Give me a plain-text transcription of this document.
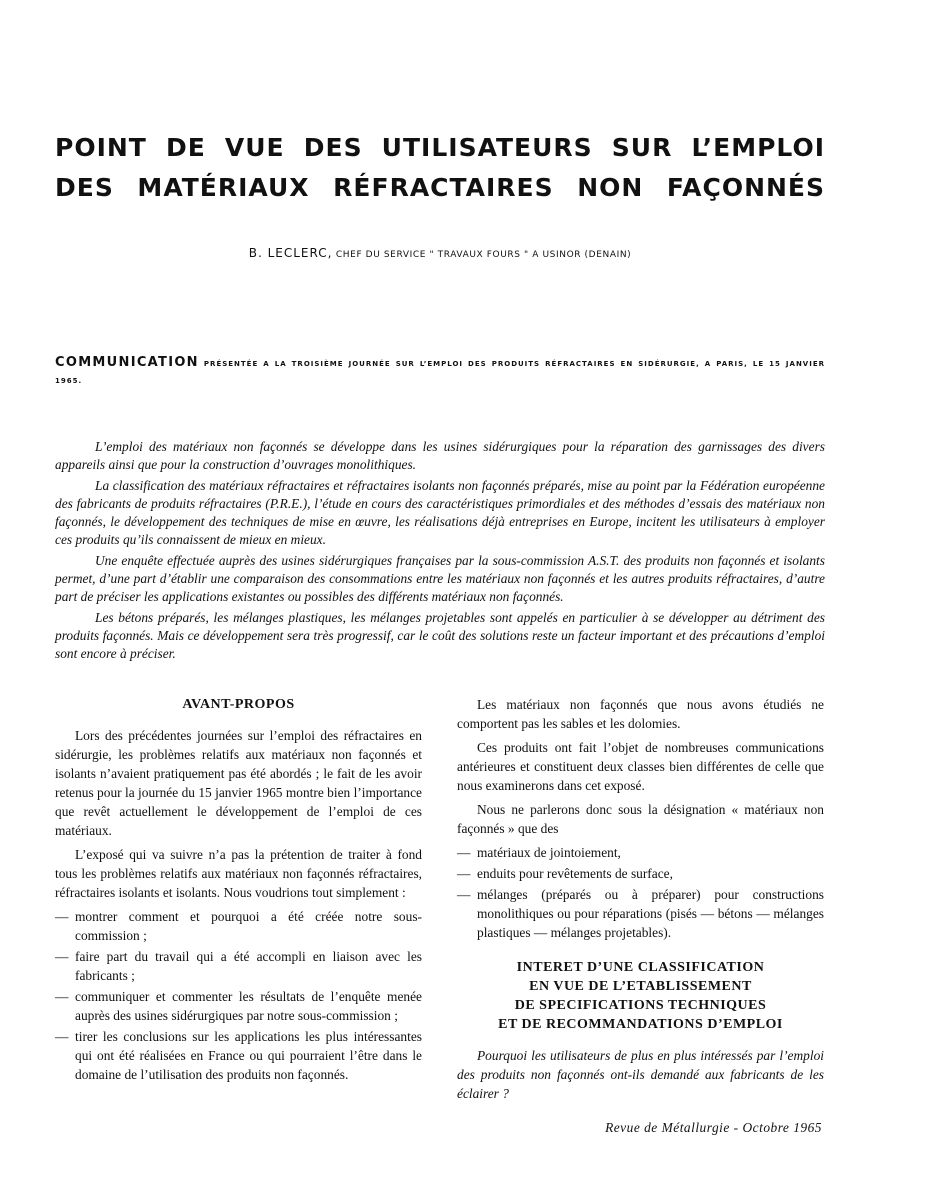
POINT DE VUE DES UTILISATEURS SUR L’EMPLOI
DES MATÉRIAUX RÉFRACTAIRES NON FAÇONNÉS
B. LECLERC, CHEF DU SERVICE " TRAVAUX FOURS " A USINOR (DENAIN)
COMMUNICATION PRÉSENTÉE A LA TROISIÈME JOURNÉE SUR L’EMPLOI DES PRODUITS RÉFRACTAIRES EN SIDÉRURGIE, A PARIS, LE 15 JANVIER 1965.

L’emploi des matériaux non façonnés se développe dans les usines sidérurgiques pour la réparation des garnissages des divers appareils ainsi que pour la construction d’ouvrages monolithiques.

La classification des matériaux réfractaires et réfractaires isolants non façonnés préparés, mise au point par la Fédération européenne des fabricants de produits réfractaires (P.R.E.), l’étude en cours des caractéristiques primordiales et des méthodes d’essais des matériaux non façonnés, le développement des techniques de mise en œuvre, les réalisations déjà entreprises en Europe, incitent les utilisateurs à employer ces produits qu’ils connaissent de mieux en mieux.

Une enquête effectuée auprès des usines sidérurgiques françaises par la sous-commission A.S.T. des produits non façonnés et isolants permet, d’une part d’établir une comparaison des consommations entre les matériaux non façonnés et les autres produits réfractaires, d’autre part de préciser les applications existantes ou possibles des différents matériaux non façonnés.

Les bétons préparés, les mélanges plastiques, les mélanges projetables sont appelés en particulier à se développer au détriment des produits façonnés. Mais ce développement sera très progressif, car le coût des solutions reste un facteur important et des précautions d’emploi sont encore à préciser.

AVANT-PROPOS

Lors des précédentes journées sur l’emploi des réfractaires en sidérurgie, les problèmes relatifs aux matériaux non façonnés et isolants n’avaient pratiquement pas été abordés ; le fait de les avoir retenus pour la journée du 15 janvier 1965 montre bien l’importance que revêt actuellement le développement de l’emploi de ces matériaux.

L’exposé qui va suivre n’a pas la prétention de traiter à fond tous les problèmes relatifs aux matériaux non façonnés réfractaires, réfractaires isolants et isolants. Nous voudrions tout simplement :

— montrer comment et pourquoi a été créée notre sous-commission ;
— faire part du travail qui a été accompli en liaison avec les fabricants ;
— communiquer et commenter les résultats de l’enquête menée auprès des usines sidérurgiques par notre sous-commission ;
— tirer les conclusions sur les applications les plus intéressantes qui ont été réalisées en France ou qui pourraient l’être dans le domaine de l’utilisation des produits non façonnés.

Les matériaux non façonnés que nous avons étudiés ne comportent pas les sables et les dolomies.

Ces produits ont fait l’objet de nombreuses communications antérieures et constituent deux classes bien différentes de celle que nous examinerons dans cet exposé.

Nous ne parlerons donc sous la désignation « matériaux non façonnés » que des

— matériaux de jointoiement,
— enduits pour revêtements de surface,
— mélanges (préparés ou à préparer) pour constructions monolithiques ou pour réparations (pisés — bétons — mélanges plastiques — mélanges projetables).
INTERET D’UNE CLASSIFICATION
EN VUE DE L’ETABLISSEMENT
DE SPECIFICATIONS TECHNIQUES
ET DE RECOMMANDATIONS D’EMPLOI

Pourquoi les utilisateurs de plus en plus intéressés par l’emploi des produits non façonnés ont-ils demandé aux fabricants de les éclairer ?

Revue de Métallurgie - Octobre 1965
